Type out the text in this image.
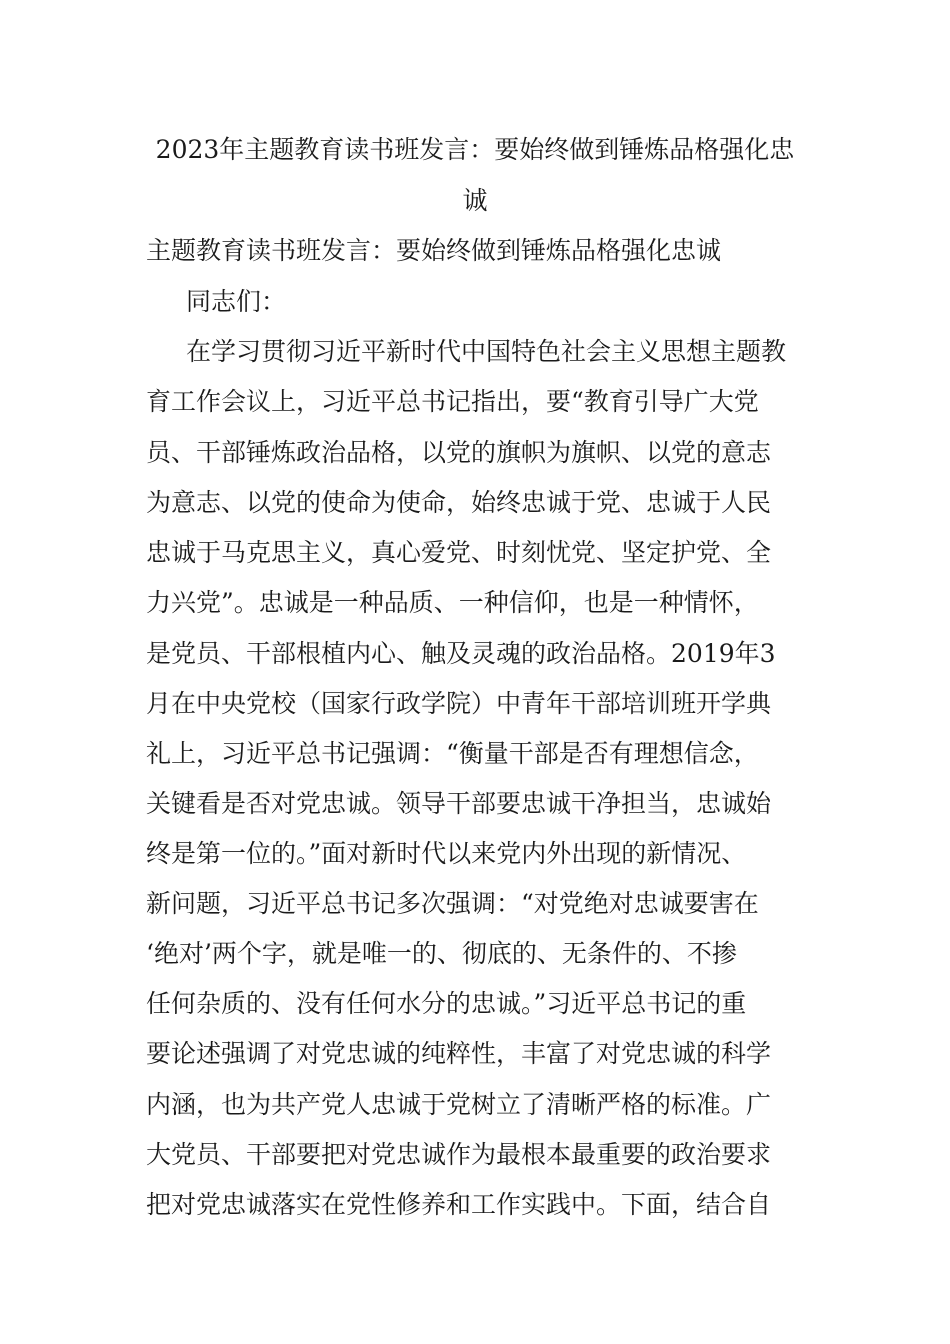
2023年主题教育读书班发言：要始终做到锤炼品格强化忠
诚
主题教育读书班发言：要始终做到锤炼品格强化忠诚
同志们：
在学习贯彻习近平新时代中国特色社会主义思想主题教
育工作会议上，习近平总书记指出，要“教育引导广大党
员、干部锤炼政治品格，以党的旗帜为旗帜、以党的意志
为意志、以党的使命为使命，始终忠诚于党、忠诚于人民
忠诚于马克思主义，真心爱党、时刻忧党、坚定护党、全
力兴党”。忠诚是一种品质、一种信仰，也是一种情怀，
是党员、干部根植内心、触及灵魂的政治品格。2019年3
月在中央党校（国家行政学院）中青年干部培训班开学典
礼上，习近平总书记强调：“衡量干部是否有理想信念，
关键看是否对党忠诚。领导干部要忠诚干净担当，忠诚始
终是第一位的。”面对新时代以来党内外出现的新情况、
新问题，习近平总书记多次强调：“对党绝对忠诚要害在
‘绝对’两个字，就是唯一的、彻底的、无条件的、不掺
任何杂质的、没有任何水分的忠诚。”习近平总书记的重
要论述强调了对党忠诚的纯粹性，丰富了对党忠诚的科学
内涵，也为共产党人忠诚于党树立了清晰严格的标准。广
大党员、干部要把对党忠诚作为最根本最重要的政治要求
把对党忠诚落实在党性修养和工作实践中。下面，结合自
